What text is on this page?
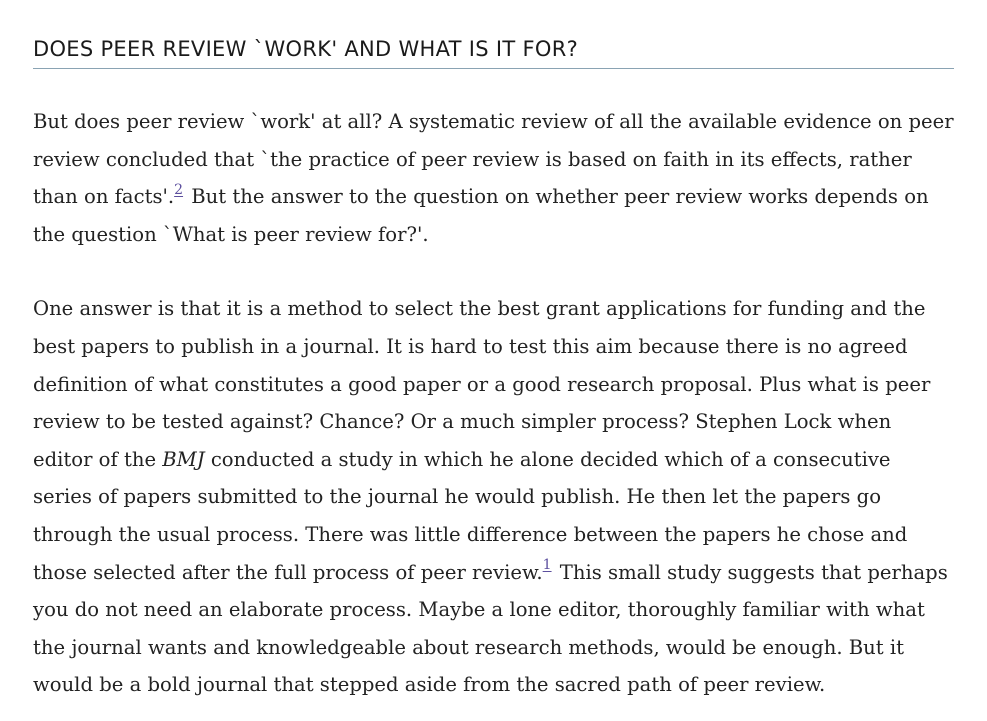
DOES PEER REVIEW `WORK' AND WHAT IS IT FOR?

But does peer review `work' at all? A systematic review of all the available evidence on peer review concluded that `the practice of peer review is based on faith in its effects, rather than on facts'.$^2$ But the answer to the question on whether peer review works depends on the question `What is peer review for?'.

One answer is that it is a method to select the best grant applications for funding and the best papers to publish in a journal. It is hard to test this aim because there is no agreed definition of what constitutes a good paper or a good research proposal. Plus what is peer review to be tested against? Chance? Or a much simpler process? Stephen Lock when editor of the BMJ conducted a study in which he alone decided which of a consecutive series of papers submitted to the journal he would publish. He then let the papers go through the usual process. There was little difference between the papers he chose and those selected after the full process of peer review.$^1$ This small study suggests that perhaps you do not need an elaborate process. Maybe a lone editor, thoroughly familiar with what the journal wants and knowledgeable about research methods, would be enough. But it would be a bold journal that stepped aside from the sacred path of peer review.
